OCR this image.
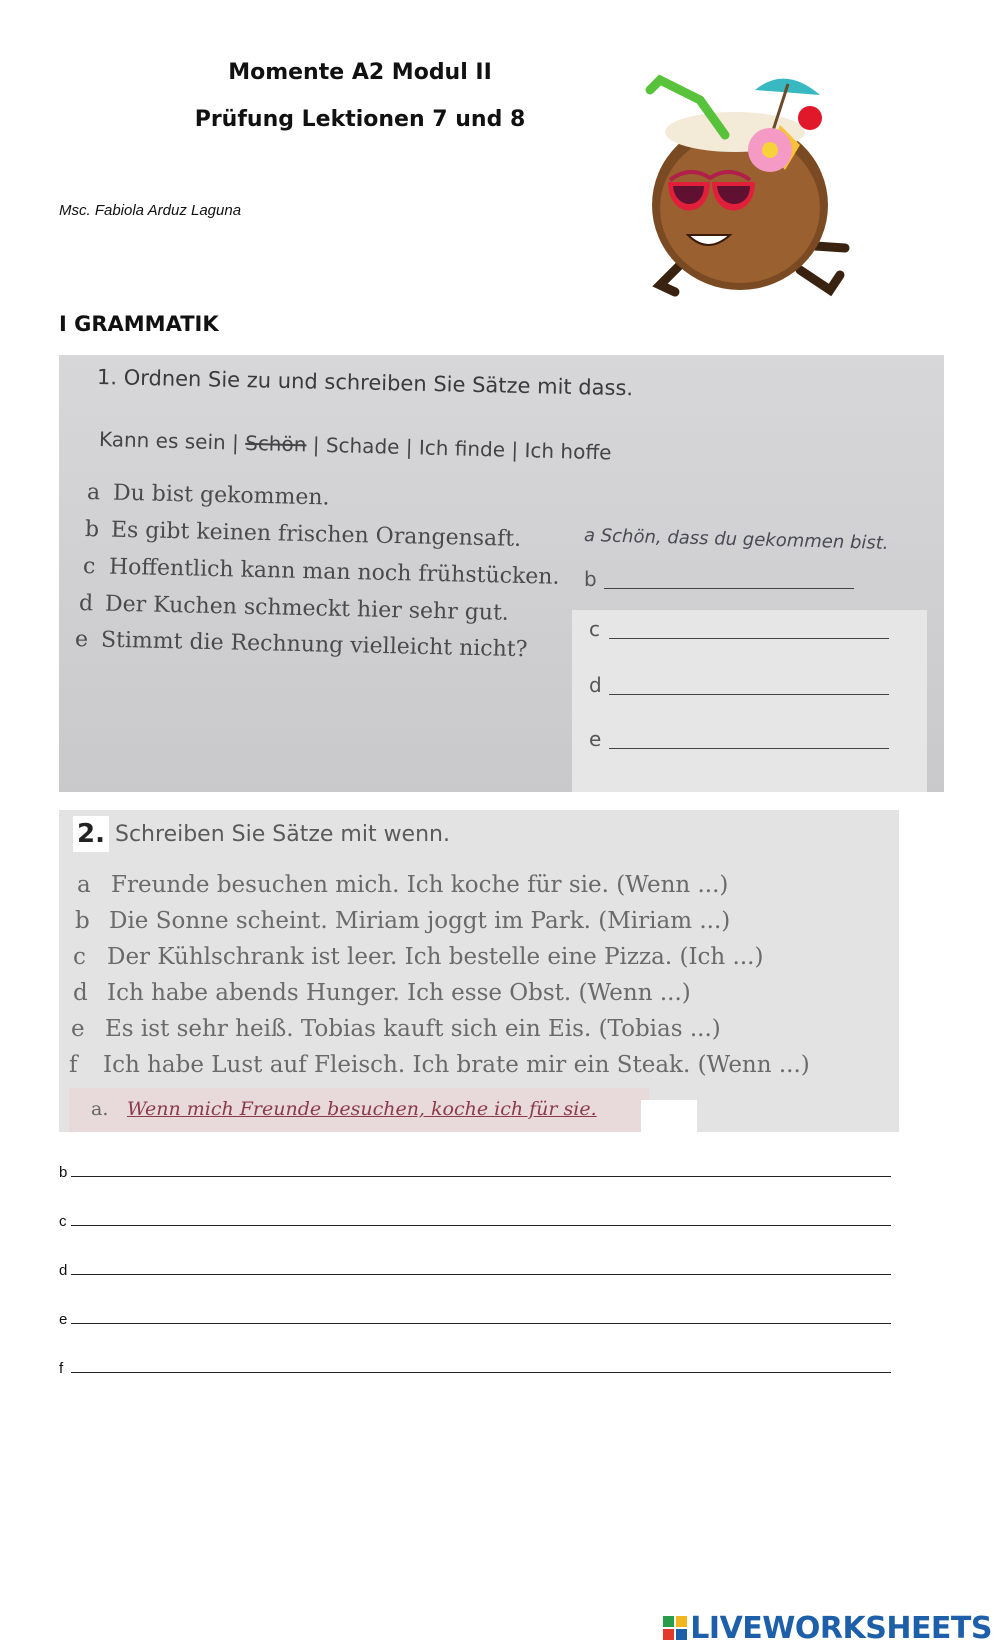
Momente A2 Modul II
Prüfung Lektionen 7 und 8
Msc. Fabiola Arduz Laguna
I GRAMMATIK
1. Ordnen Sie zu und schreiben Sie Sätze mit dass.
Kann es sein | Schön | Schade | Ich finde | Ich hoffe
a Du bist gekommen.
b Es gibt keinen frischen Orangensaft.
c Hoffentlich kann man noch frühstücken.
d Der Kuchen schmeckt hier sehr gut.
e Stimmt die Rechnung vielleicht nicht?
a Schön, dass du gekommen bist.
b
c
d
e
2. Schreiben Sie Sätze mit wenn.
a Freunde besuchen mich. Ich koche für sie. (Wenn ...)
b Die Sonne scheint. Miriam joggt im Park. (Miriam ...)
c Der Kühlschrank ist leer. Ich bestelle eine Pizza. (Ich ...)
d Ich habe abends Hunger. Ich esse Obst. (Wenn ...)
e Es ist sehr heiß. Tobias kauft sich ein Eis. (Tobias ...)
f Ich habe Lust auf Fleisch. Ich brate mir ein Steak. (Wenn ...)
a. Wenn mich Freunde besuchen, koche ich für sie.
b
c
d
e
f
LIVEWORKSHEETS
